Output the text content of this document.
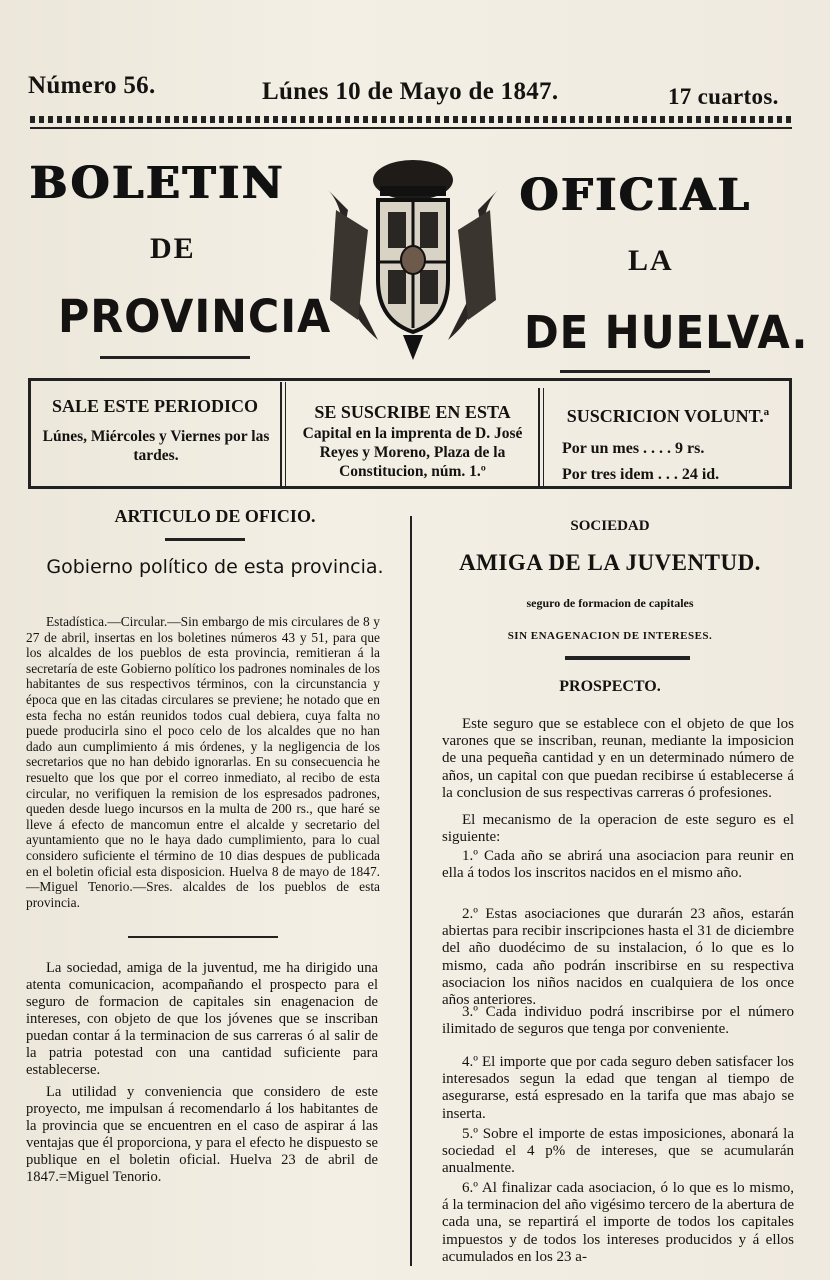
Número 56.	Lúnes 10 de Mayo de 1847.	17 cuartos.
BOLETIN	OFICIAL
DE	LA
PROVINCIA	DE HUELVA.
SALE ESTE PERIODICO
Lúnes, Miércoles y Viernes por las tardes.
SE SUSCRIBE EN ESTA
Capital en la imprenta de D. José Reyes y Moreno, Plaza de la Constitucion, núm. 1.º
SUSCRICION VOLUNT.ª
Por un mes . . . . 9 rs.
Por tres idem . . . 24 id.
ARTICULO DE OFICIO.
Gobierno político de esta provincia.
Estadística.—Circular.—Sin embargo de mis circulares de 8 y 27 de abril, insertas en los boletines números 43 y 51, para que los alcaldes de los pueblos de esta provincia, remitieran á la secretaría de este Gobierno político los padrones nominales de los habitantes de sus respectivos términos, con la circunstancia y época que en las citadas circulares se previene; he notado que en esta fecha no están reunidos todos cual debiera, cuya falta no puede producirla sino el poco celo de los alcaldes que no han dado aun cumplimiento á mis órdenes, y la negligencia de los secretarios que no han debido ignorarlas. En su consecuencia he resuelto que los que por el correo inmediato, al recibo de esta circular, no verifiquen la remision de los espresados padrones, queden desde luego incursos en la multa de 200 rs., que haré se lleve á efecto de mancomun entre el alcalde y secretario del ayuntamiento que no le haya dado cumplimiento, para lo cual considero suficiente el término de 10 dias despues de publicada en el boletin oficial esta disposicion. Huelva 8 de mayo de 1847.—Miguel Tenorio.—Sres. alcaldes de los pueblos de esta provincia.
La sociedad, amiga de la juventud, me ha dirigido una atenta comunicacion, acompañando el prospecto para el seguro de formacion de capitales sin enagenacion de intereses, con objeto de que los jóvenes que se inscriban puedan contar á la terminacion de sus carreras ó al salir de la patria potestad con una cantidad suficiente para establecerse.
La utilidad y conveniencia que considero de este proyecto, me impulsan á recomendarlo á los habitantes de la provincia que se encuentren en el caso de aspirar á las ventajas que él proporciona, y para el efecto he dispuesto se publique en el boletin oficial. Huelva 23 de abril de 1847.=Miguel Tenorio.
SOCIEDAD
AMIGA DE LA JUVENTUD.
seguro de formacion de capitales
SIN ENAGENACION DE INTERESES.
PROSPECTO.
Este seguro que se establece con el objeto de que los varones que se inscriban, reunan, mediante la imposicion de una pequeña cantidad y en un determinado número de años, un capital con que puedan recibirse ú establecerse á la conclusion de sus respectivas carreras ó profesiones.
El mecanismo de la operacion de este seguro es el siguiente:
1.º Cada año se abrirá una asociacion para reunir en ella á todos los inscritos nacidos en el mismo año.
2.º Estas asociaciones que durarán 23 años, estarán abiertas para recibir inscripciones hasta el 31 de diciembre del año duodécimo de su instalacion, ó lo que es lo mismo, cada año podrán inscribirse en su respectiva asociacion los niños nacidos en cualquiera de los once años anteriores.
3.º Cada individuo podrá inscribirse por el número ilimitado de seguros que tenga por conveniente.
4.º El importe que por cada seguro deben satisfacer los interesados segun la edad que tengan al tiempo de asegurarse, está espresado en la tarifa que mas abajo se inserta.
5.º Sobre el importe de estas imposiciones, abonará la sociedad el 4 p% de intereses, que se acumularán anualmente.
6.º Al finalizar cada asociacion, ó lo que es lo mismo, á la terminacion del año vigésimo tercero de la abertura de cada una, se repartirá el importe de todos los capitales impuestos y de todos los intereses producidos y á ellos acumulados en los 23 a-
